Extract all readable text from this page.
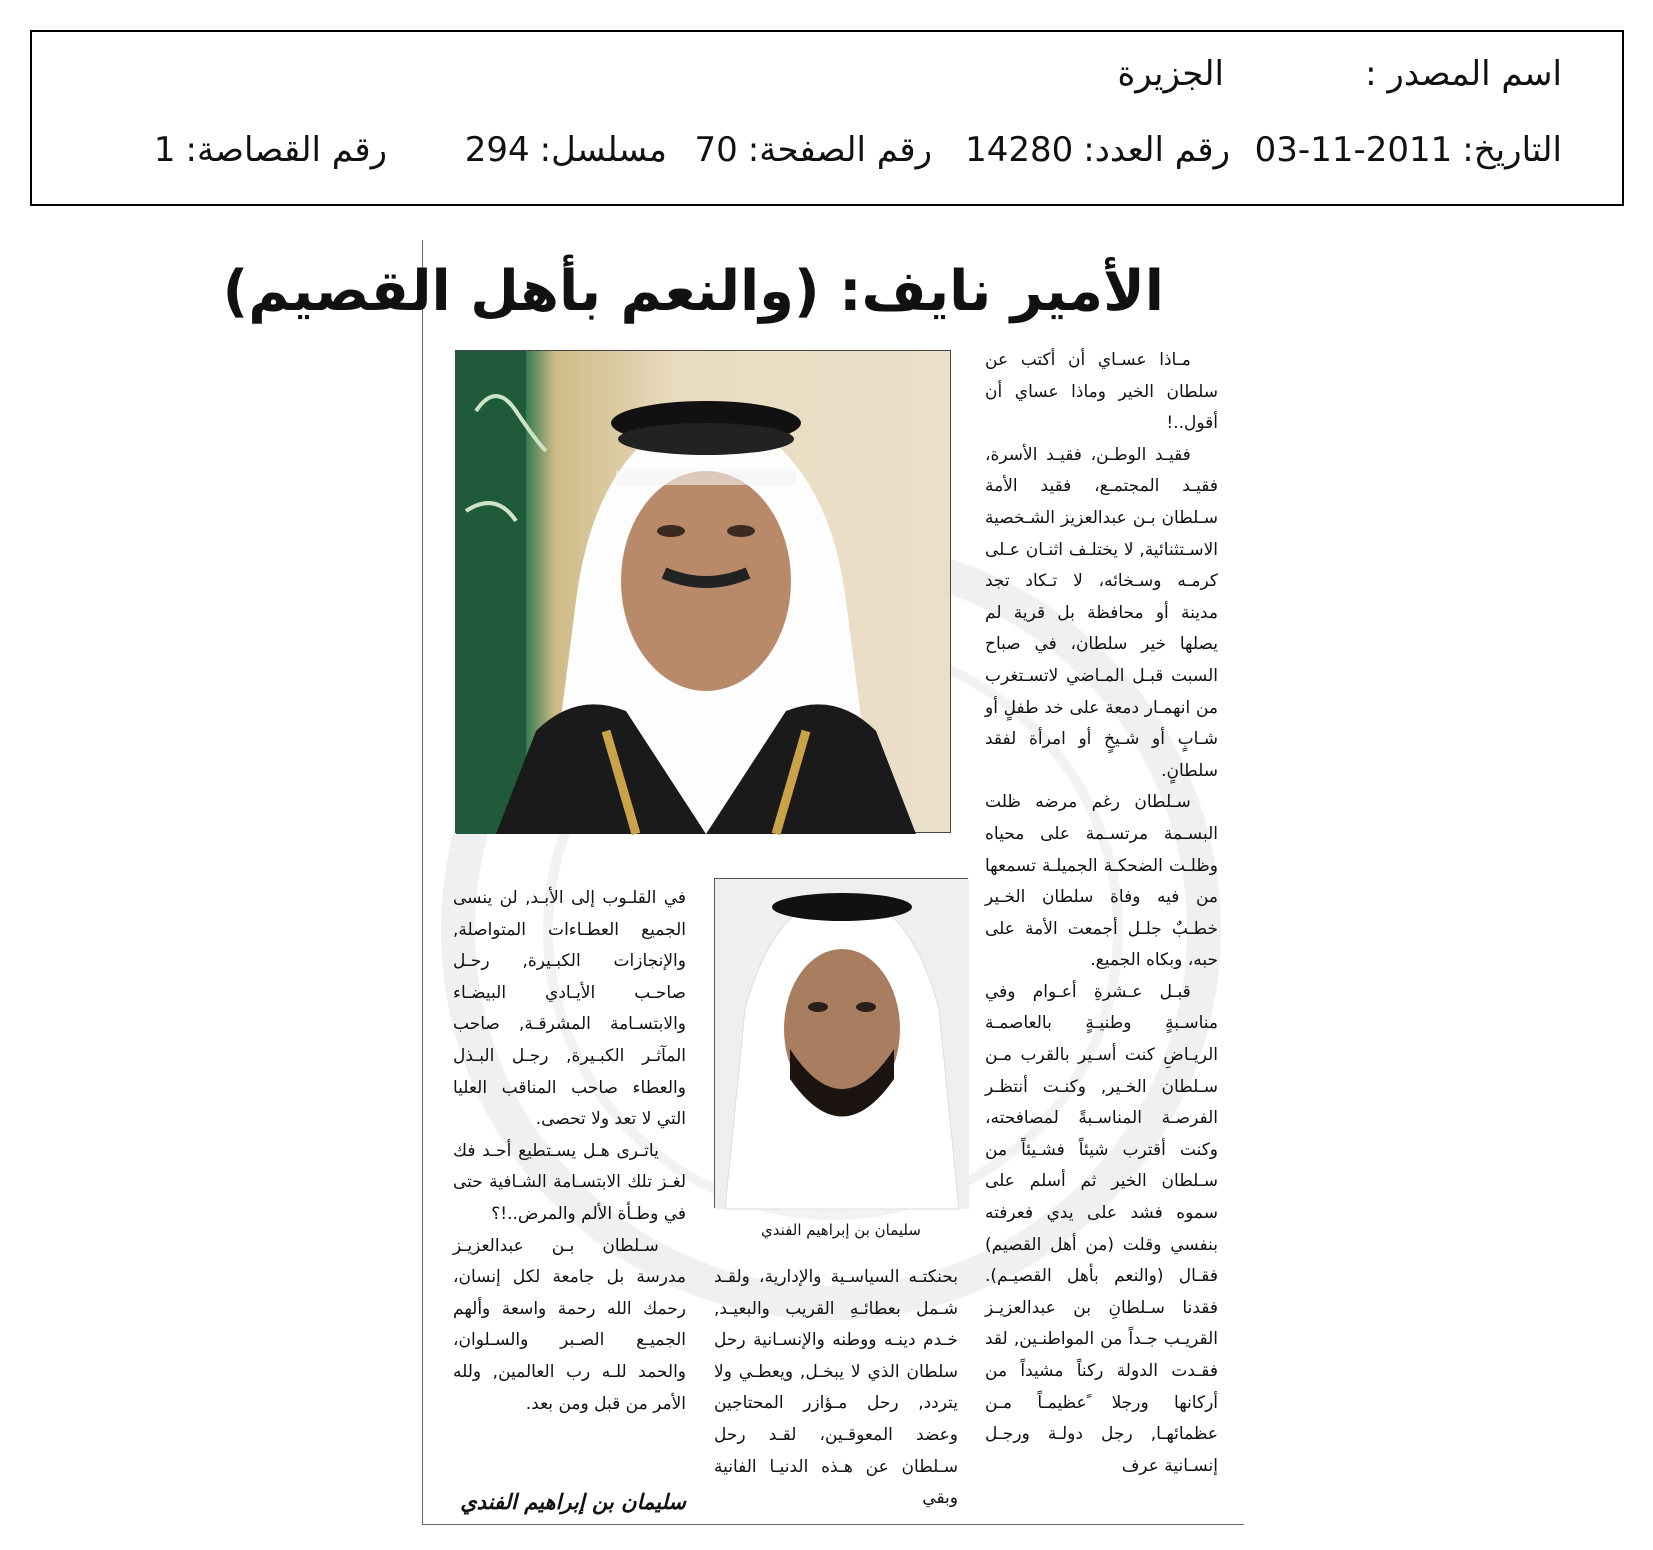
اسم المصدر :
الجزيرة
التاريخ:2011-11-03
رقم العدد:14280
رقم الصفحة:70
مسلسل:294
رقم القصاصة:1
الأمير نايف: (والنعم بأهل القصيم)
سليمان بن إبراهيم الفندي

مـاذا عسـاي أن أكتب عن سلطان الخير وماذا عساي أن أقول..!

فقيـد الوطـن، فقيـد الأسرة، فقيـد المجتمـع، فقيد الأمة سـلطان بـن عبدالعزيز الشـخصية الاسـتثنائية, لا يختلـف اثنـان عـلى كرمـه وسـخائه، لا تـكاد تجد مدينة أو محافظة بل قرية لم يصلها خير سلطان، في صباح السبت قبـل المـاضي لاتسـتغرب من انهمـار دمعة على خد طفلٍ أو شـابٍ أو شـيخٍ أو امرأة لفقد سلطانٍ.

سـلطان رغم مرضه ظلت البسـمة مرتسـمة على محياه وظلـت الضحكـة الجميلـة تسمعها من فيه وفاة سلطان الخـير خطـبٌ جلـل أجمعت الأمة على حبه، وبكاه الجميع.

قبـل عـشرةِ أعـوام وفي مناسـبةٍ وطنيـةٍ بالعاصمـة الريـاضِ كنت أسـير بالقرب مـن سـلطان الخـير, وكنـت أنتظـر الفرصـة المناسـبةً لمصافحته، وكنت أقترب شيئاً فشـيئاً من سـلطان الخير ثم أسلم على سموه فشد على يدي فعرفته بنفسي وقلت (من أهل القصيم) فقـال (والنعم بأهل القصيـم). فقدنا سـلطانِ بن عبدالعزيـز القريـب جـداً من المواطنـين, لقد فقـدت الدولة ركناً مشيداً من أركانها ورجلا ًعظيمـاً مـن عظمائهـا, رجل دولـة ورجـل إنسـانية عرف

بحنكتـه السياسـية والإدارية، ولقـد شـمل بعطائـهِ القريب والبعيـد, خـدم دينـه ووطنه والإنسـانية رحل سلطان الذي لا يبخـل, ويعطـي ولا يتردد, رحل مـؤازر المحتاجين وعضد المعوقـين، لقـد رحل سـلطان عن هـذه الدنيـا الفانية وبقي

في القلـوب إلى الأبـد, لن ينسى الجميع العطـاءات المتواصلة, والإنجازات الكبـيرة, رحـل صاحـب الأيـادي البيضـاء والابتسـامة المشرقـة, صاحب المآثـر الكبـيرة, رجـل البـذل والعطاء صاحب المناقب العليا التي لا تعد ولا تحصى.

ياتـرى هـل يسـتطيع أحـد فك لغـز تلك الابتسـامة الشـافية حتى في وطـأة الألم والمرض..!؟

سـلطان بـن عبدالعزيـز مدرسة بل جامعة لكل إنسان، رحمك الله رحمة واسعة وألهم الجميـع الصـبر والسـلوان، والحمد للـه رب العالمين, ولله الأمر من قبل ومن بعد.

سليمان بن إبراهيم الفندي
